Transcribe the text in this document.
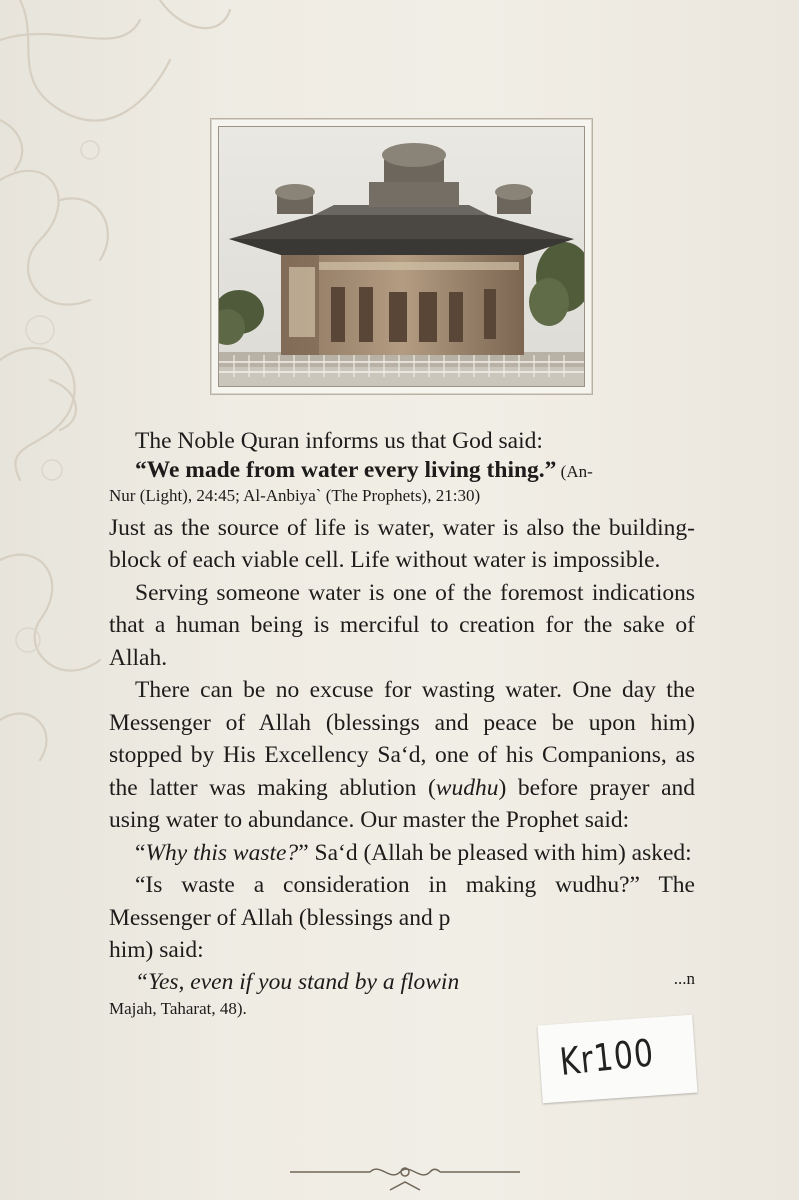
The Noble Quran informs us that God said:

“We made from water every living thing.” (An-

Nur (Light), 24:45; Al-Anbiya` (The Prophets), 21:30)

Just as the source of life is water, water is also the building-block of each viable cell. Life without water is impossible.

Serving someone water is one of the foremost indications that a human being is merciful to creation for the sake of Allah.

There can be no excuse for wasting water. One day the Messenger of Allah (blessings and peace be upon him) stopped by His Excellency Sa‘d, one of his Companions, as the latter was making ablution (wudhu) before prayer and using water to abundance. Our master the Prophet said:

“Why this waste?” Sa‘d (Allah be pleased with him) asked:

“Is waste a consideration in making wudhu?” The Messenger of Allah (blessings and p
him) said:

“Yes, even if you stand by a flowin	...n

Majah, Taharat, 48).
Kr100
